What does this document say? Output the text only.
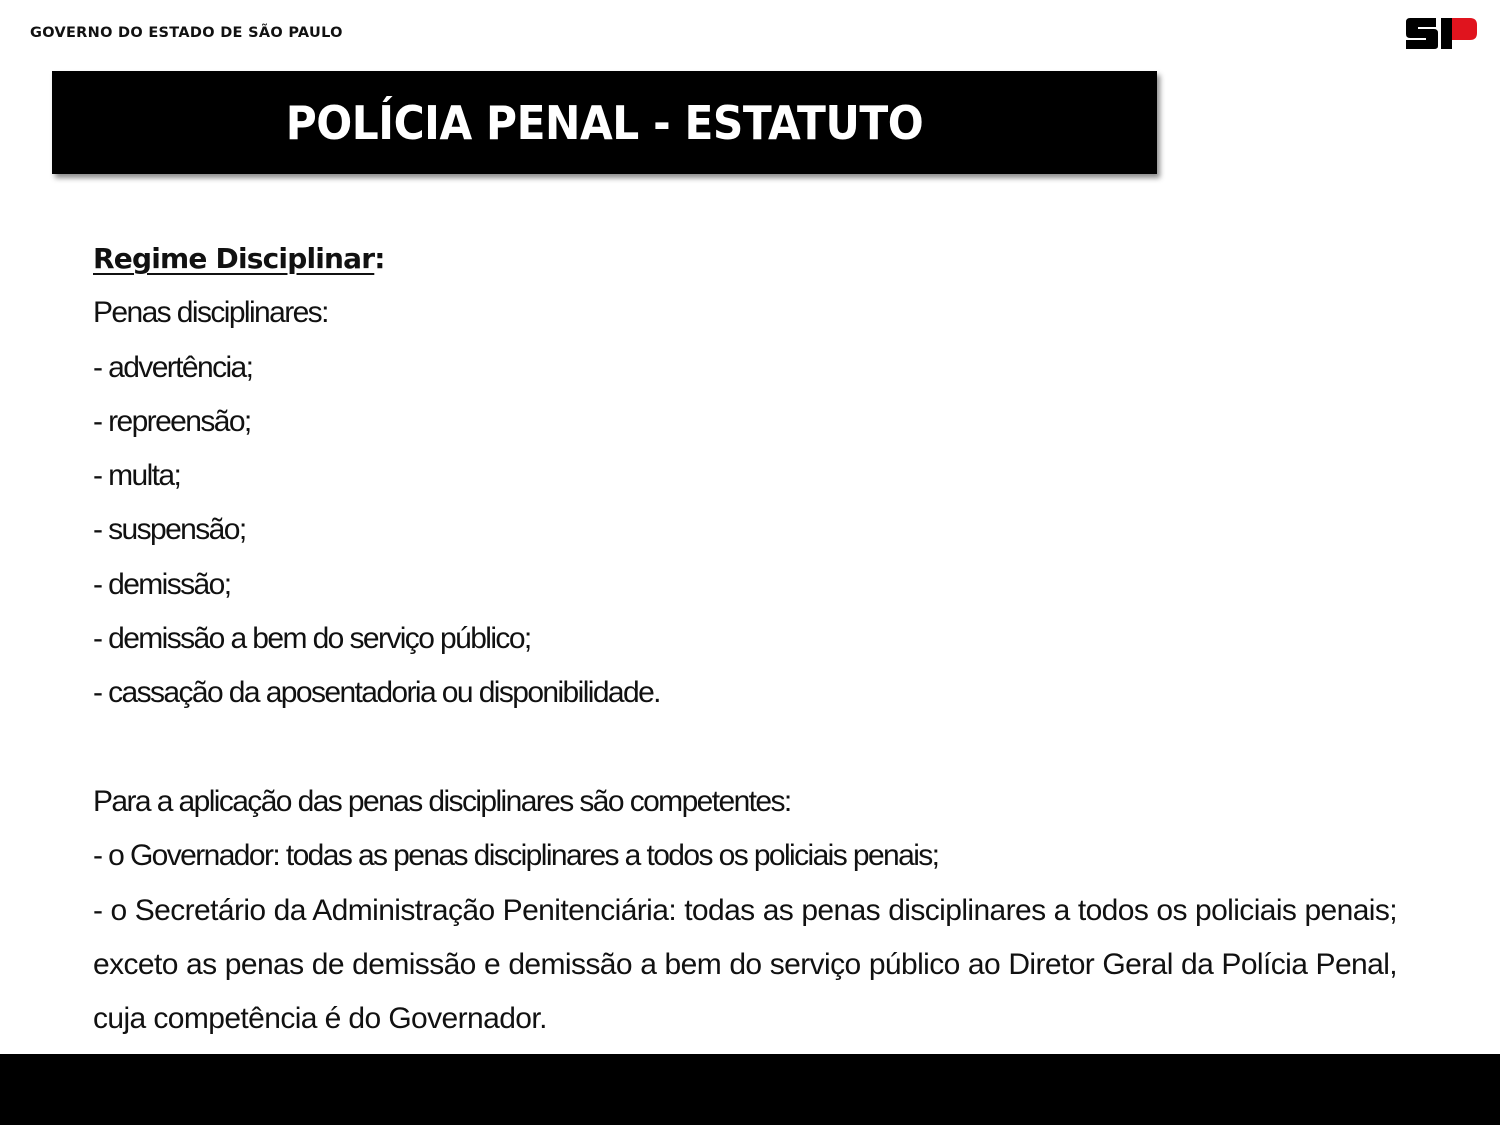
GOVERNO DO ESTADO DE SÃO PAULO
POLÍCIA PENAL - ESTATUTO
Regime Disciplinar:
Penas disciplinares:
- advertência;
- repreensão;
- multa;
- suspensão;
- demissão;
- demissão a bem do serviço público;
- cassação da aposentadoria ou disponibilidade.
Para a aplicação das penas disciplinares são competentes:
- o Governador: todas as penas disciplinares a todos os policiais penais;
- o Secretário da Administração Penitenciária: todas as penas disciplinares a todos os policiais penais; exceto as penas de demissão e demissão a bem do serviço público ao Diretor Geral da Polícia Penal, cuja competência é do Governador.
